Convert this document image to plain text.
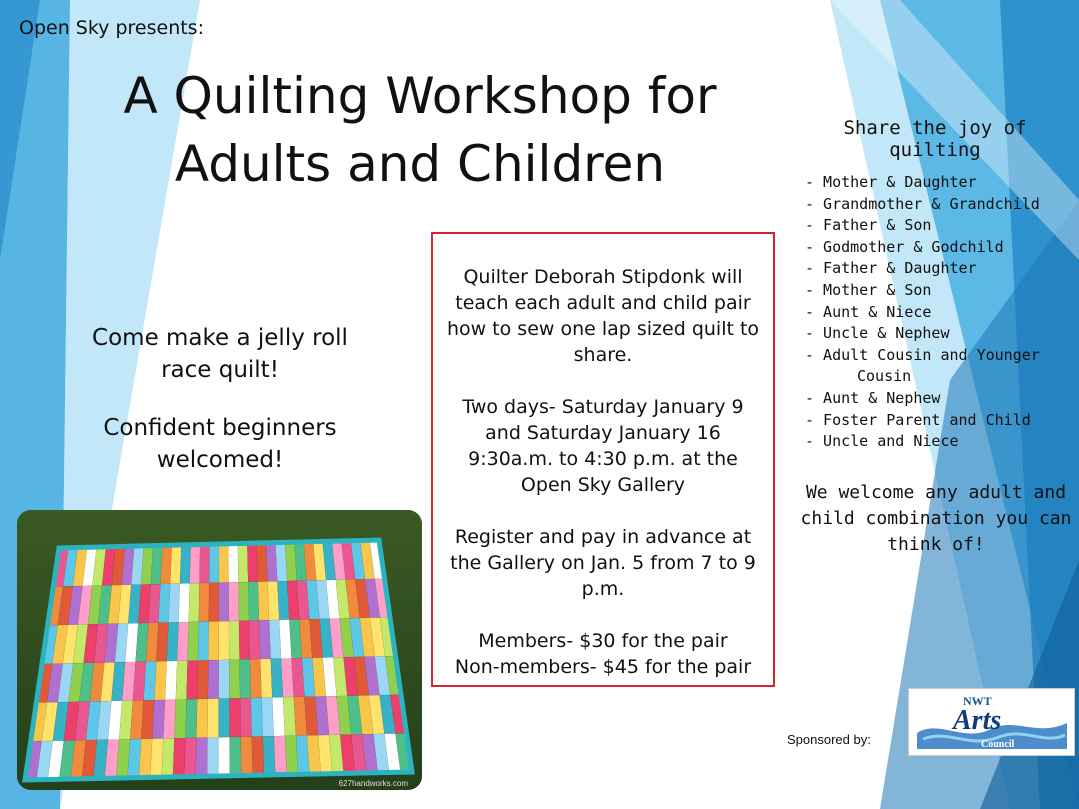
Open Sky presents:
A Quilting Workshop for
Adults and Children

Come make a jelly roll
race quilt!

Confident beginners
welcomed!

627handworks.com

Quilter Deborah Stipdonk will teach each adult and child pair how to sew one lap sized quilt to share.

Two days- Saturday January 9
and Saturday January 16
9:30a.m. to 4:30 p.m. at the
Open Sky Gallery

Register and pay in advance at the Gallery on Jan. 5 from 7 to 9 p.m.

Members- $30 for the pair
Non-members- $45 for the pair

Share the joy of quilting
- Mother & Daughter
- Grandmother & Grandchild
- Father & Son
- Godmother & Godchild
- Father & Daughter
- Mother & Son
- Aunt & Niece
- Uncle & Nephew
- Adult Cousin and Younger
Cousin
- Aunt & Nephew
- Foster Parent and Child
- Uncle and Niece
We welcome any adult and child combination you can think of!
Sponsored by:
NWT
Arts
Council
